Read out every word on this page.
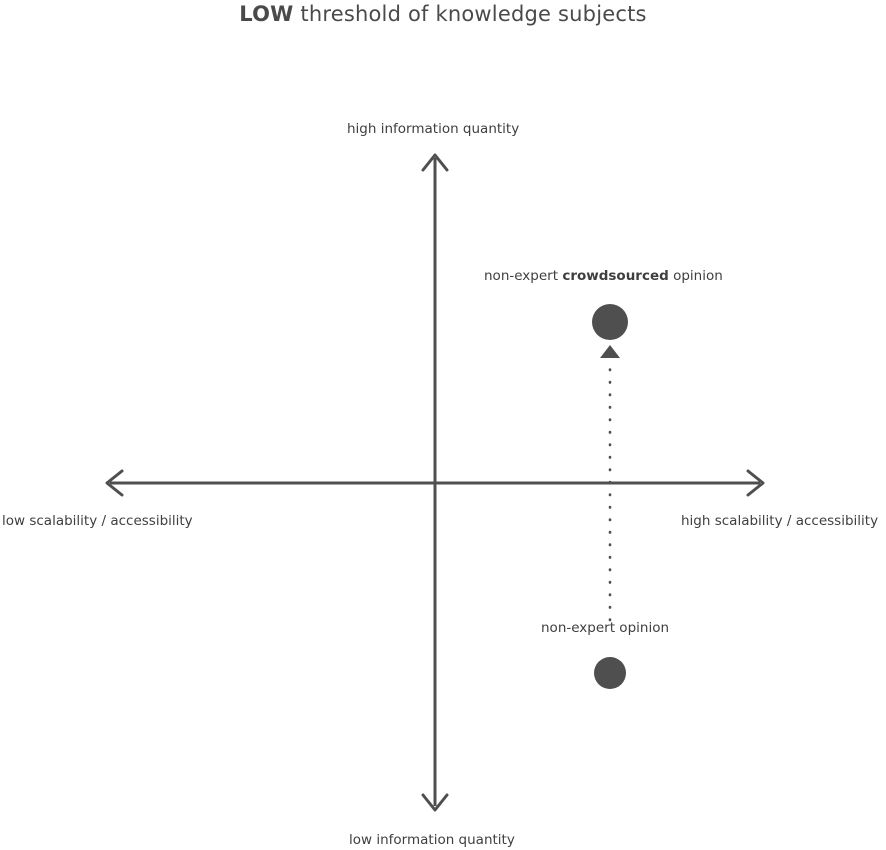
LOW threshold of knowledge subjects
high information quantity
low information quantity
low scalability / accessibility	high scalability / accessibility
non-expert crowdsourced opinion
non-expert opinion
